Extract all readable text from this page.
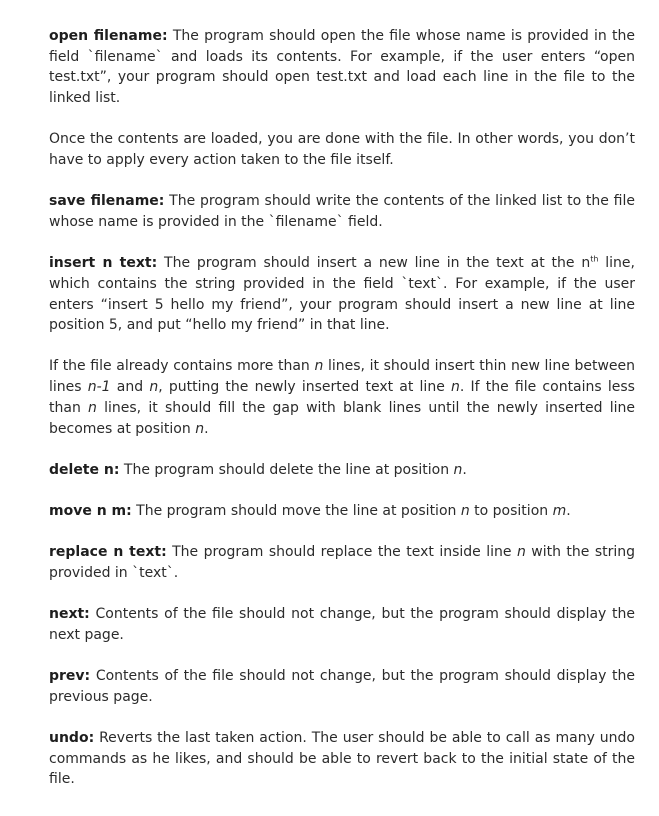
open filename: The program should open the file whose name is provided in the field `filename` and loads its contents. For example, if the user enters “open test.txt”, your program should open test.txt and load each line in the file to the linked list.

Once the contents are loaded, you are done with the file. In other words, you don’t have to apply every action taken to the file itself.

save filename: The program should write the contents of the linked list to the file whose name is provided in the `filename` field.

insert n text: The program should insert a new line in the text at the $n^{th}$ line, which contains the string provided in the field `text`. For example, if the user enters “insert 5 hello my friend”, your program should insert a new line at line position 5, and put “hello my friend” in that line.

If the file already contains more than n lines, it should insert thin new line between lines n-1 and n, putting the newly inserted text at line n. If the file contains less than n lines, it should fill the gap with blank lines until the newly inserted line becomes at position n.

delete n: The program should delete the line at position n.

move n m: The program should move the line at position n to position m.

replace n text: The program should replace the text inside line n with the string provided in `text`.

next: Contents of the file should not change, but the program should display the next page.

prev: Contents of the file should not change, but the program should display the previous page.

undo: Reverts the last taken action. The user should be able to call as many undo commands as he likes, and should be able to revert back to the initial state of the file.
